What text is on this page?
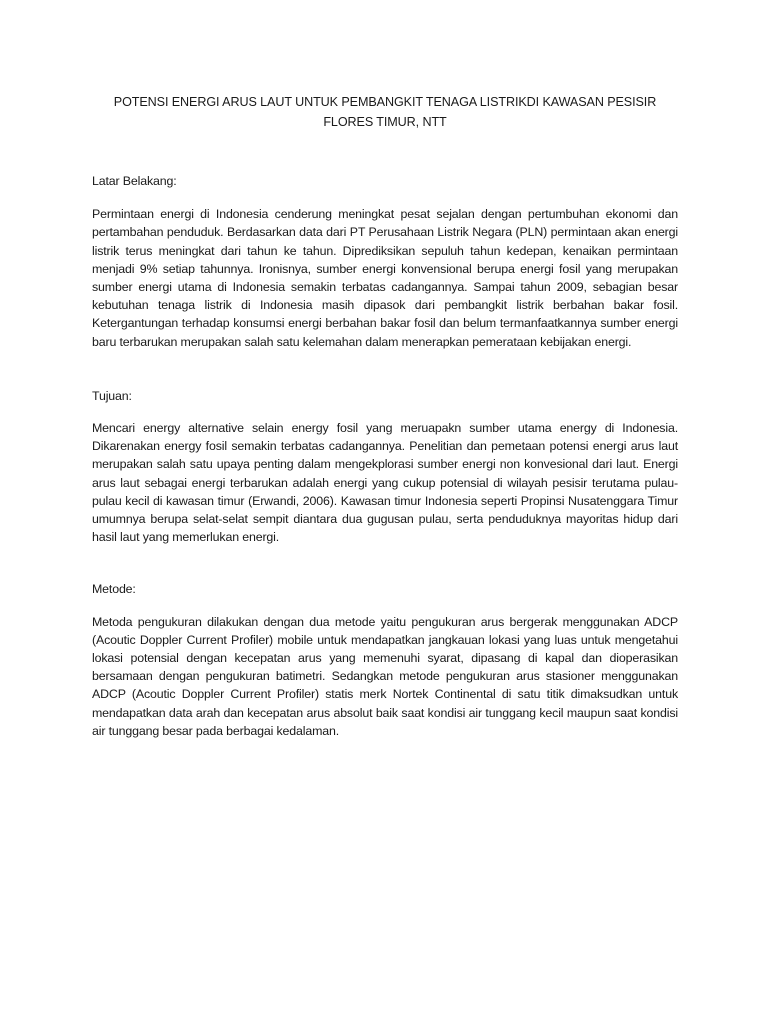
POTENSI ENERGI ARUS LAUT UNTUK PEMBANGKIT TENAGA LISTRIKDI KAWASAN PESISIR FLORES TIMUR, NTT

Latar Belakang:

Permintaan energi di Indonesia cenderung meningkat pesat sejalan dengan pertumbuhan ekonomi dan pertambahan penduduk. Berdasarkan data dari PT Perusahaan Listrik Negara (PLN) permintaan akan energi listrik terus meningkat dari tahun ke tahun. Diprediksikan sepuluh tahun kedepan, kenaikan permintaan menjadi 9% setiap tahunnya. Ironisnya, sumber energi konvensional berupa energi fosil yang merupakan sumber energi utama di Indonesia semakin terbatas cadangannya. Sampai tahun 2009, sebagian besar kebutuhan tenaga listrik di Indonesia masih dipasok dari pembangkit listrik berbahan bakar fosil. Ketergantungan terhadap konsumsi energi berbahan bakar fosil dan belum termanfaatkannya sumber energi baru terbarukan merupakan salah satu kelemahan dalam menerapkan pemerataan kebijakan energi.

Tujuan:

Mencari energy alternative selain energy fosil yang meruapakn sumber utama energy di Indonesia. Dikarenakan energy fosil semakin terbatas cadangannya. Penelitian dan pemetaan potensi energi arus laut merupakan salah satu upaya penting dalam mengekplorasi sumber energi non konvesional dari laut. Energi arus laut sebagai energi terbarukan adalah energi yang cukup potensial di wilayah pesisir terutama pulau-pulau kecil di kawasan timur (Erwandi, 2006). Kawasan timur Indonesia seperti Propinsi Nusatenggara Timur umumnya berupa selat-selat sempit diantara dua gugusan pulau, serta penduduknya mayoritas hidup dari hasil laut yang memerlukan energi.

Metode:

Metoda pengukuran dilakukan dengan dua metode yaitu pengukuran arus bergerak menggunakan ADCP (Acoutic Doppler Current Profiler) mobile untuk mendapatkan jangkauan lokasi yang luas untuk mengetahui lokasi potensial dengan kecepatan arus yang memenuhi syarat, dipasang di kapal dan dioperasikan bersamaan dengan pengukuran batimetri. Sedangkan metode pengukuran arus stasioner menggunakan ADCP (Acoutic Doppler Current Profiler) statis merk Nortek Continental di satu titik dimaksudkan untuk mendapatkan data arah dan kecepatan arus absolut baik saat kondisi air tunggang kecil maupun saat kondisi air tunggang besar pada berbagai kedalaman.
